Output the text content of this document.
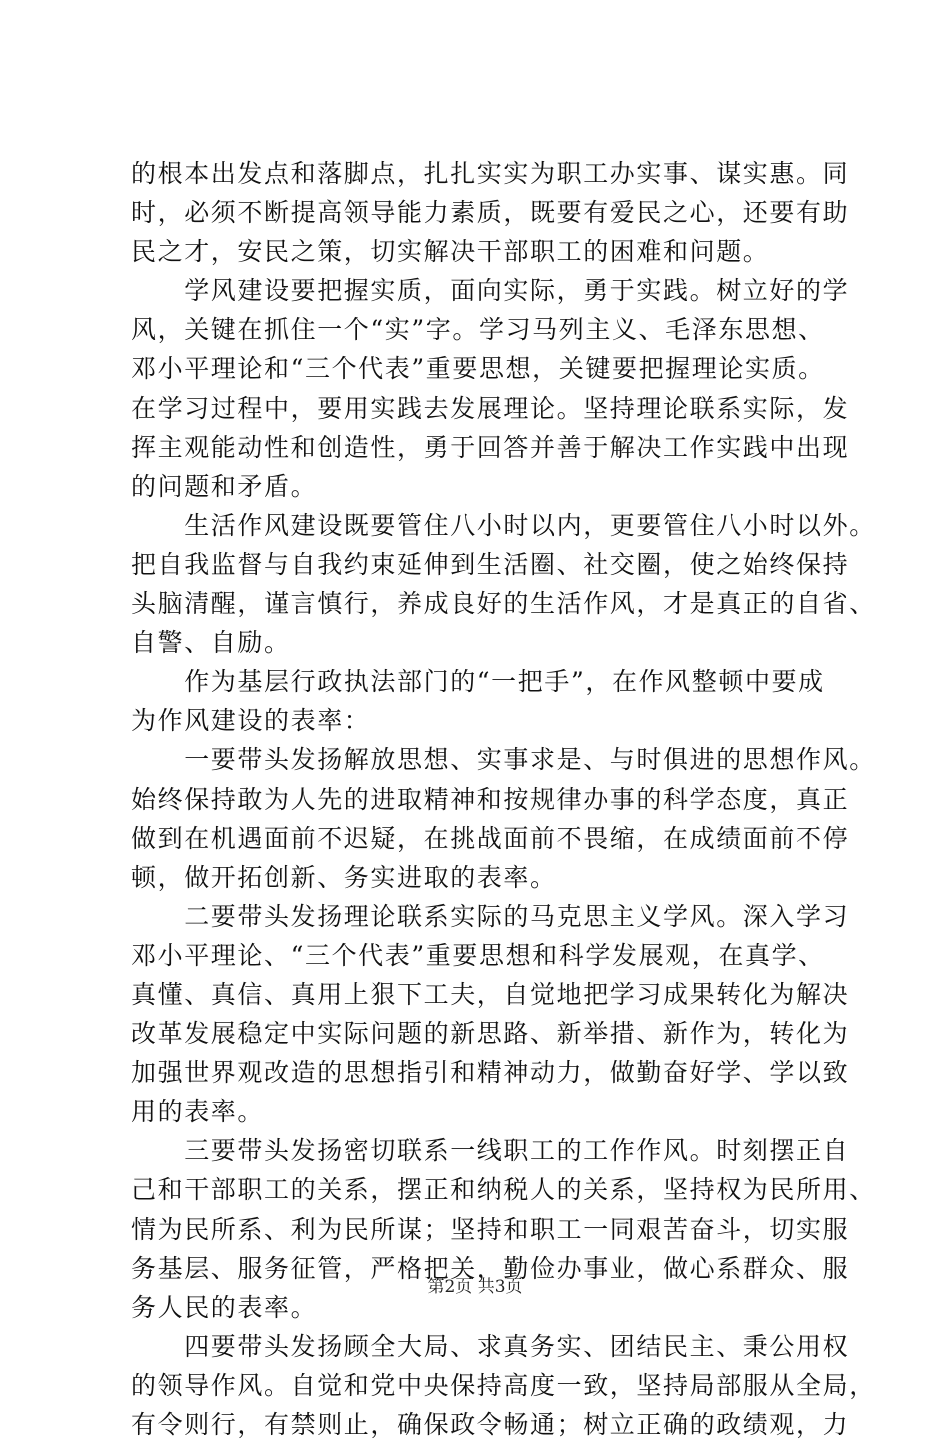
的根本出发点和落脚点，扎扎实实为职工办实事、谋实惠。同
时，必须不断提高领导能力素质，既要有爱民之心，还要有助
民之才，安民之策，切实解决干部职工的困难和问题。
　　学风建设要把握实质，面向实际，勇于实践。树立好的学
风，关键在抓住一个“实”字。学习马列主义、毛泽东思想、
邓小平理论和“三个代表”重要思想，关键要把握理论实质。
在学习过程中，要用实践去发展理论。坚持理论联系实际，发
挥主观能动性和创造性，勇于回答并善于解决工作实践中出现
的问题和矛盾。
　　生活作风建设既要管住八小时以内，更要管住八小时以外。
把自我监督与自我约束延伸到生活圈、社交圈，使之始终保持
头脑清醒，谨言慎行，养成良好的生活作风，才是真正的自省、
自警、自励。
　　作为基层行政执法部门的“一把手”，在作风整顿中要成
为作风建设的表率：
　　一要带头发扬解放思想、实事求是、与时俱进的思想作风。
始终保持敢为人先的进取精神和按规律办事的科学态度，真正
做到在机遇面前不迟疑，在挑战面前不畏缩，在成绩面前不停
顿，做开拓创新、务实进取的表率。
　　二要带头发扬理论联系实际的马克思主义学风。深入学习
邓小平理论、“三个代表”重要思想和科学发展观，在真学、
真懂、真信、真用上狠下工夫，自觉地把学习成果转化为解决
改革发展稳定中实际问题的新思路、新举措、新作为，转化为
加强世界观改造的思想指引和精神动力，做勤奋好学、学以致
用的表率。
　　三要带头发扬密切联系一线职工的工作作风。时刻摆正自
己和干部职工的关系，摆正和纳税人的关系，坚持权为民所用、
情为民所系、利为民所谋；坚持和职工一同艰苦奋斗，切实服
务基层、服务征管，严格把关，勤俭办事业，做心系群众、服
务人民的表率。
　　四要带头发扬顾全大局、求真务实、团结民主、秉公用权
的领导作风。自觉和党中央保持高度一致，坚持局部服从全局，
有令则行，有禁则止，确保政令畅通；树立正确的政绩观，力
第2页 共3页
